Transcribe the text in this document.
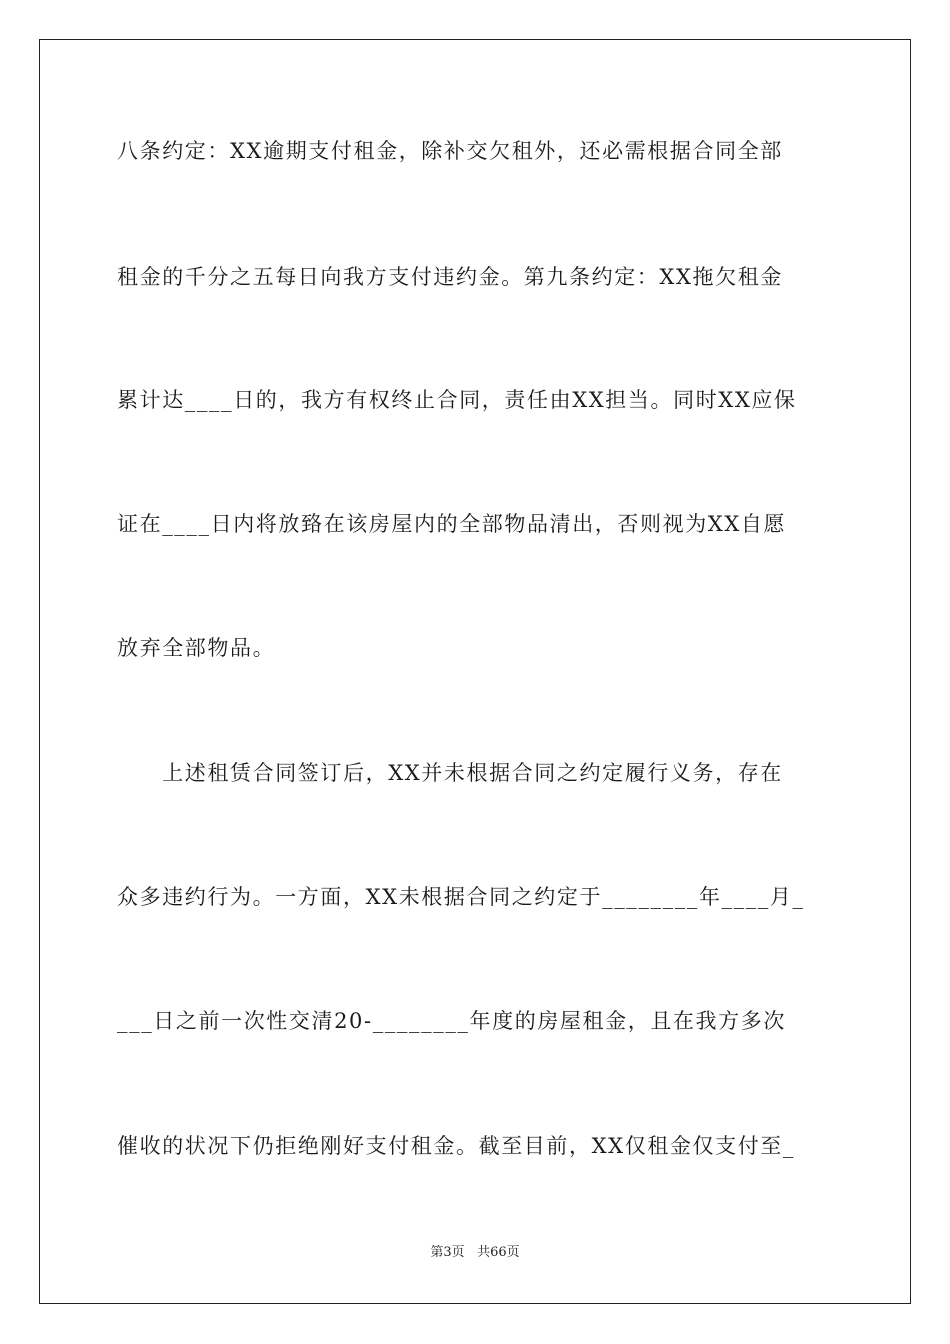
八条约定：XX逾期支付租金，除补交欠租外，还必需根据合同全部
租金的千分之五每日向我方支付违约金。第九条约定：XX拖欠租金
累计达____日的，我方有权终止合同，责任由XX担当。同时XX应保
证在____日内将放臵在该房屋内的全部物品清出，否则视为XX自愿
放弃全部物品。
　　上述租赁合同签订后，XX并未根据合同之约定履行义务，存在
众多违约行为。一方面，XX未根据合同之约定于________年____月_
___日之前一次性交清20-________年度的房屋租金，且在我方多次
催收的状况下仍拒绝刚好支付租金。截至目前，XX仅租金仅支付至_
第3页 共66页
